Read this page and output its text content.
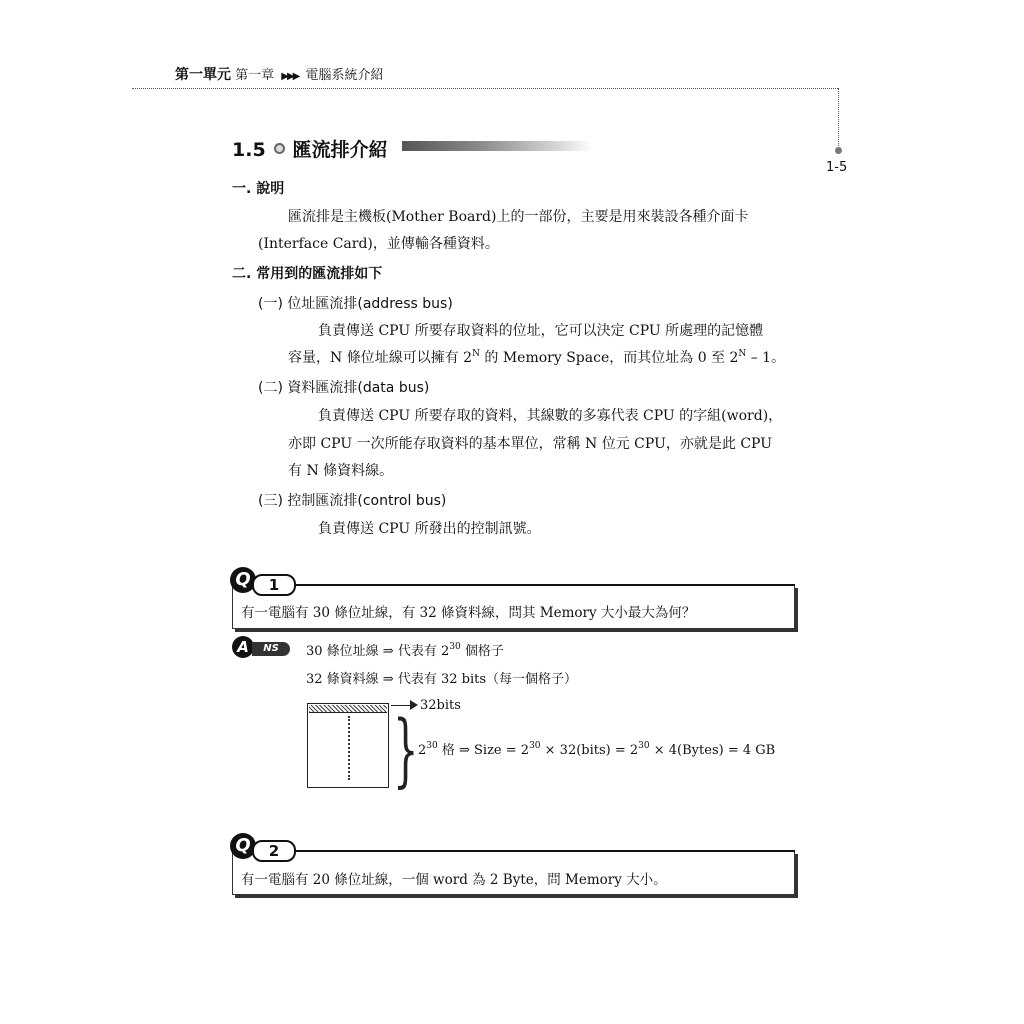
第一單元 第一章 ▶▶▶ 電腦系統介紹
1-5
1.5 匯流排介紹
一. 說明
匯流排是主機板(Mother Board)上的一部份，主要是用來裝設各種介面卡
(Interface Card)，並傳輸各種資料。
二. 常用到的匯流排如下
(一) 位址匯流排(address bus)
負責傳送 CPU 所要存取資料的位址，它可以決定 CPU 所處理的記憶體
容量，N 條位址線可以擁有 $2^N$ 的 Memory Space，而其位址為 0 至 $2^N - 1$。
(二) 資料匯流排(data bus)
負責傳送 CPU 所要存取的資料，其線數的多寡代表 CPU 的字組(word)，
亦即 CPU 一次所能存取資料的基本單位，常稱 N 位元 CPU，亦就是此 CPU
有 N 條資料線。
(三) 控制匯流排(control bus)
負責傳送 CPU 所發出的控制訊號。
Q	1
有一電腦有 30 條位址線，有 32 條資料線，問其 Memory 大小最大為何？
A	NS	30 條位址線 ⇒ 代表有 $2^{30}$ 個格子
32 條資料線 ⇒ 代表有 32 bits（每一個格子）
32bits
} $2^{30}$ 格 ⇒ Size = $2^{30}$ × 32(bits) = $2^{30}$ × 4(Bytes) = 4 GB
Q	2
有一電腦有 20 條位址線，一個 word 為 2 Byte，問 Memory 大小。
